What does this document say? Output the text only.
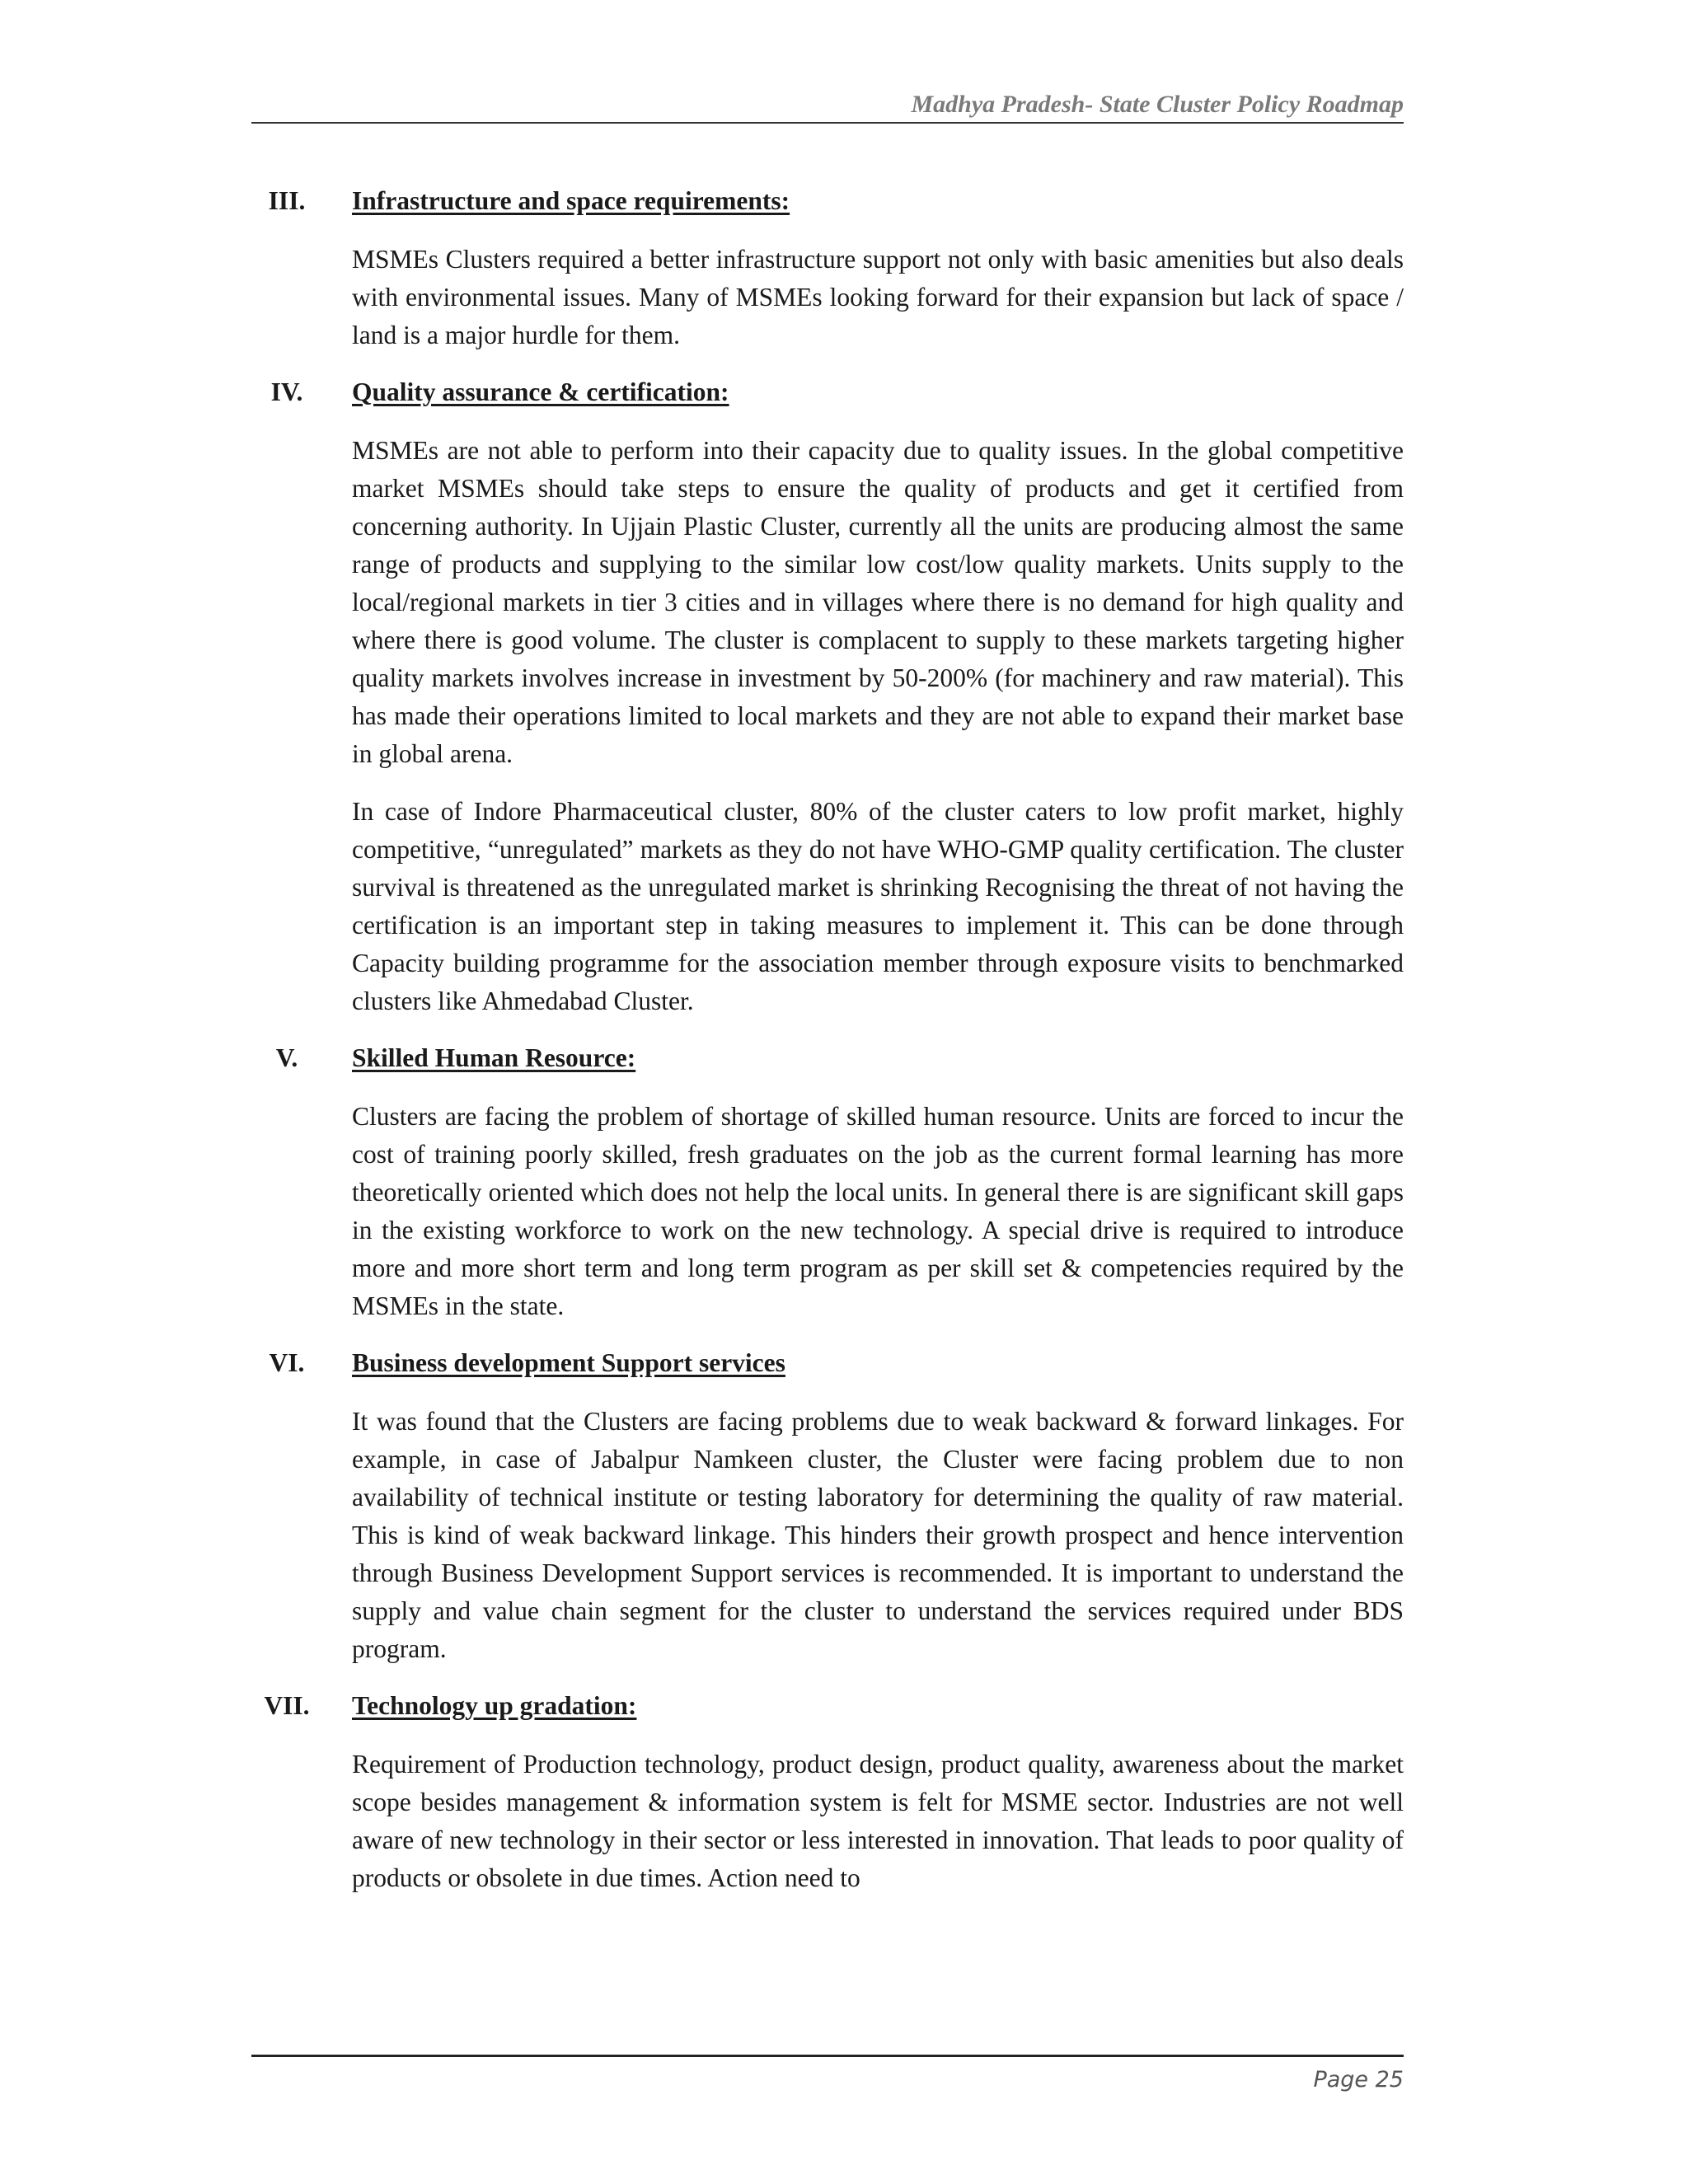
Madhya Pradesh- State Cluster Policy Roadmap
III.	Infrastructure and space requirements:

MSMEs Clusters required a better infrastructure support not only with basic amenities but also deals with environmental issues. Many of MSMEs looking forward for their expansion but lack of space / land is a major hurdle for them.

IV.	Quality assurance & certification:

MSMEs are not able to perform into their capacity due to quality issues. In the global competitive market MSMEs should take steps to ensure the quality of products and get it certified from concerning authority. In Ujjain Plastic Cluster, currently all the units are producing almost the same range of products and supplying to the similar low cost/low quality markets. Units supply to the local/regional markets in tier 3 cities and in villages where there is no demand for high quality and where there is good volume. The cluster is complacent to supply to these markets targeting higher quality markets involves increase in investment by 50-200% (for machinery and raw material). This has made their operations limited to local markets and they are not able to expand their market base in global arena.

In case of Indore Pharmaceutical cluster, 80% of the cluster caters to low profit market, highly competitive, “unregulated” markets as they do not have WHO-GMP quality certification. The cluster survival is threatened as the unregulated market is shrinking Recognising the threat of not having the certification is an important step in taking measures to implement it. This can be done through Capacity building programme for the association member through exposure visits to benchmarked clusters like Ahmedabad Cluster.

V.	Skilled Human Resource:

Clusters are facing the problem of shortage of skilled human resource. Units are forced to incur the cost of training poorly skilled, fresh graduates on the job as the current formal learning has more theoretically oriented which does not help the local units. In general there is are significant skill gaps in the existing workforce to work on the new technology. A special drive is required to introduce more and more short term and long term program as per skill set & competencies required by the MSMEs in the state.

VI.	Business development Support services

It was found that the Clusters are facing problems due to weak backward & forward linkages. For example, in case of Jabalpur Namkeen cluster, the Cluster were facing problem due to non availability of technical institute or testing laboratory for determining the quality of raw material. This is kind of weak backward linkage. This hinders their growth prospect and hence intervention through Business Development Support services is recommended. It is important to understand the supply and value chain segment for the cluster to understand the services required under BDS program.

VII.	Technology up gradation:

Requirement of Production technology, product design, product quality, awareness about the market scope besides management & information system is felt for MSME sector. Industries are not well aware of new technology in their sector or less interested in innovation. That leads to poor quality of products or obsolete in due times. Action need to

Page 25
